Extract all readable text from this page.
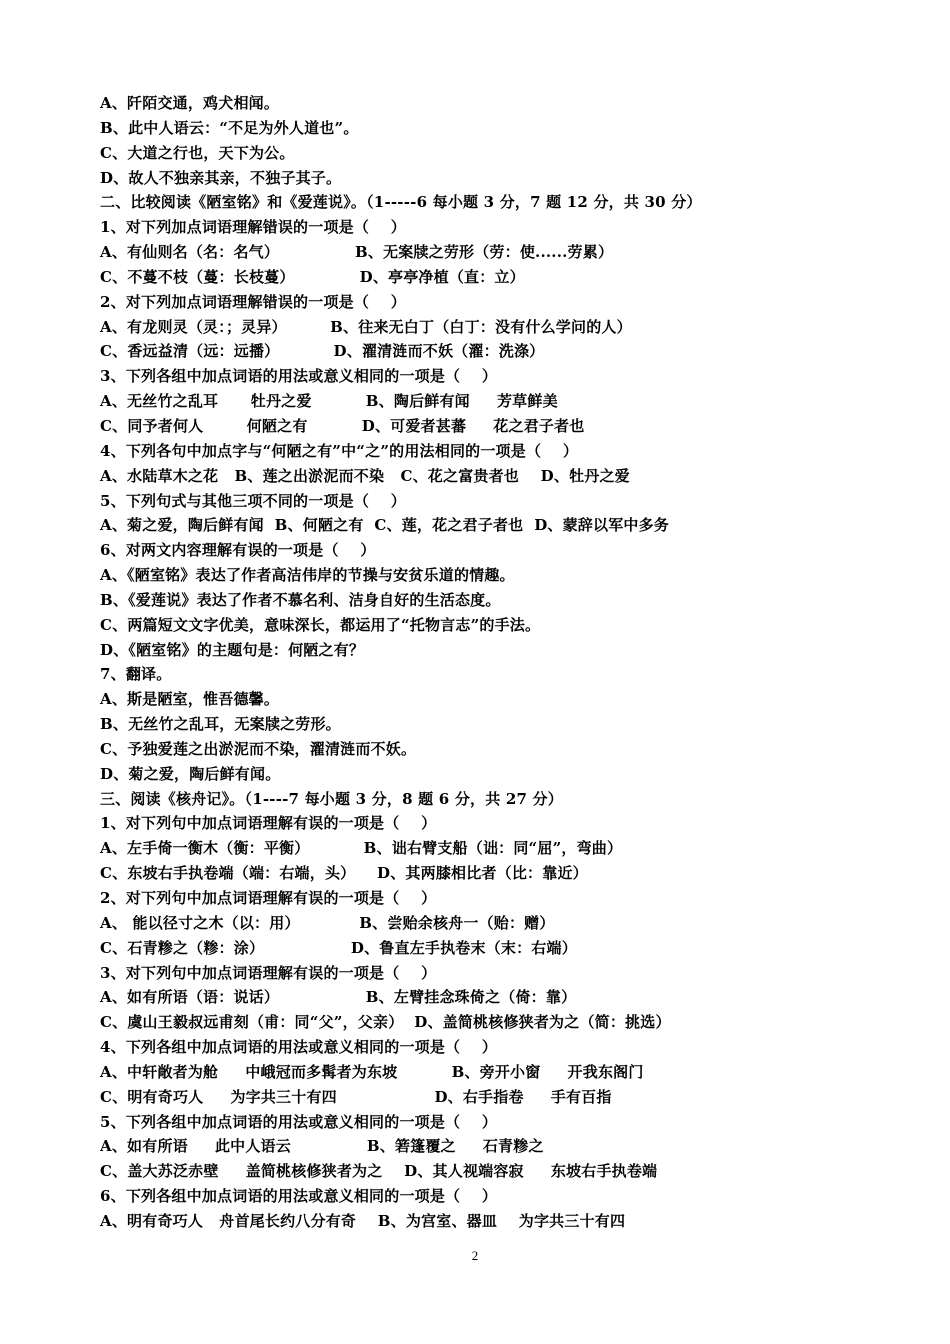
A、阡陌交通，鸡犬相闻。
B、此中人语云：“不足为外人道也”。
C、大道之行也，天下为公。
D、故人不独亲其亲，不独子其子。
二、比较阅读《陋室铭》和《爱莲说》。（1-----6 每小题 3 分，7 题 12 分，共 30 分）
1、对下列加点词语理解错误的一项是（    ）
A、有仙则名（名：名气）              B、无案牍之劳形（劳：使......劳累）
C、不蔓不枝（蔓：长枝蔓）            D、亭亭净植（直：立）
2、对下列加点词语理解错误的一项是（    ）
A、有龙则灵（灵：；灵异）        B、往来无白丁（白丁：没有什么学问的人）
C、香远益清（远：远播）          D、濯清涟而不妖（濯：洗涤）
3、下列各组中加点词语的用法或意义相同的一项是（    ）
A、无丝竹之乱耳      牡丹之爱          B、陶后鲜有闻     芳草鲜美
C、同予者何人        何陋之有          D、可爱者甚蕃     花之君子者也
4、下列各句中加点字与“何陋之有”中“之”的用法相同的一项是（    ）
A、水陆草木之花   B、莲之出淤泥而不染   C、花之富贵者也    D、牡丹之爱
5、下列句式与其他三项不同的一项是（    ）
A、菊之爱，陶后鲜有闻  B、何陋之有  C、莲，花之君子者也  D、蒙辞以军中多务
6、对两文内容理解有误的一项是（    ）
A、《陋室铭》表达了作者高洁伟岸的节操与安贫乐道的情趣。
B、《爱莲说》表达了作者不慕名利、洁身自好的生活态度。
C、两篇短文文字优美，意味深长，都运用了“托物言志”的手法。
D、《陋室铭》的主题句是：何陋之有？
7、翻译。
A、斯是陋室，惟吾德馨。
B、无丝竹之乱耳，无案牍之劳形。
C、予独爱莲之出淤泥而不染，濯清涟而不妖。
D、菊之爱，陶后鲜有闻。
三、阅读《核舟记》。（1----7 每小题 3 分，8 题 6 分，共 27 分）
1、对下列句中加点词语理解有误的一项是（    ）
A、左手倚一衡木（衡：平衡）          B、诎右臂支船（诎：同“屈”，弯曲）
C、东坡右手执卷端（端：右端，头）    D、其两膝相比者（比：靠近）
2、对下列句中加点词语理解有误的一项是（    ）
A、 能以径寸之木（以：用）           B、尝贻余核舟一（贻：赠）
C、石青糁之（糁：涂）                D、鲁直左手执卷末（末：右端）
3、对下列句中加点词语理解有误的一项是（    ）
A、如有所语（语：说话）                B、左臂挂念珠倚之（倚：靠）
C、虞山王毅叔远甫刻（甫：同“父”，父亲）  D、盖简桃核修狭者为之（简：挑选）
4、下列各组中加点词语的用法或意义相同的一项是（    ）
A、中轩敞者为舱     中峨冠而多髯者为东坡          B、旁开小窗     开我东阁门
C、明有奇巧人     为字共三十有四                  D、右手指卷     手有百指
5、下列各组中加点词语的用法或意义相同的一项是（    ）
A、如有所语     此中人语云              B、箬篷覆之     石青糁之
C、盖大苏泛赤壁     盖简桃核修狭者为之    D、其人视端容寂     东坡右手执卷端
6、下列各组中加点词语的用法或意义相同的一项是（    ）
A、明有奇巧人   舟首尾长约八分有奇    B、为宫室、器皿    为字共三十有四
2
